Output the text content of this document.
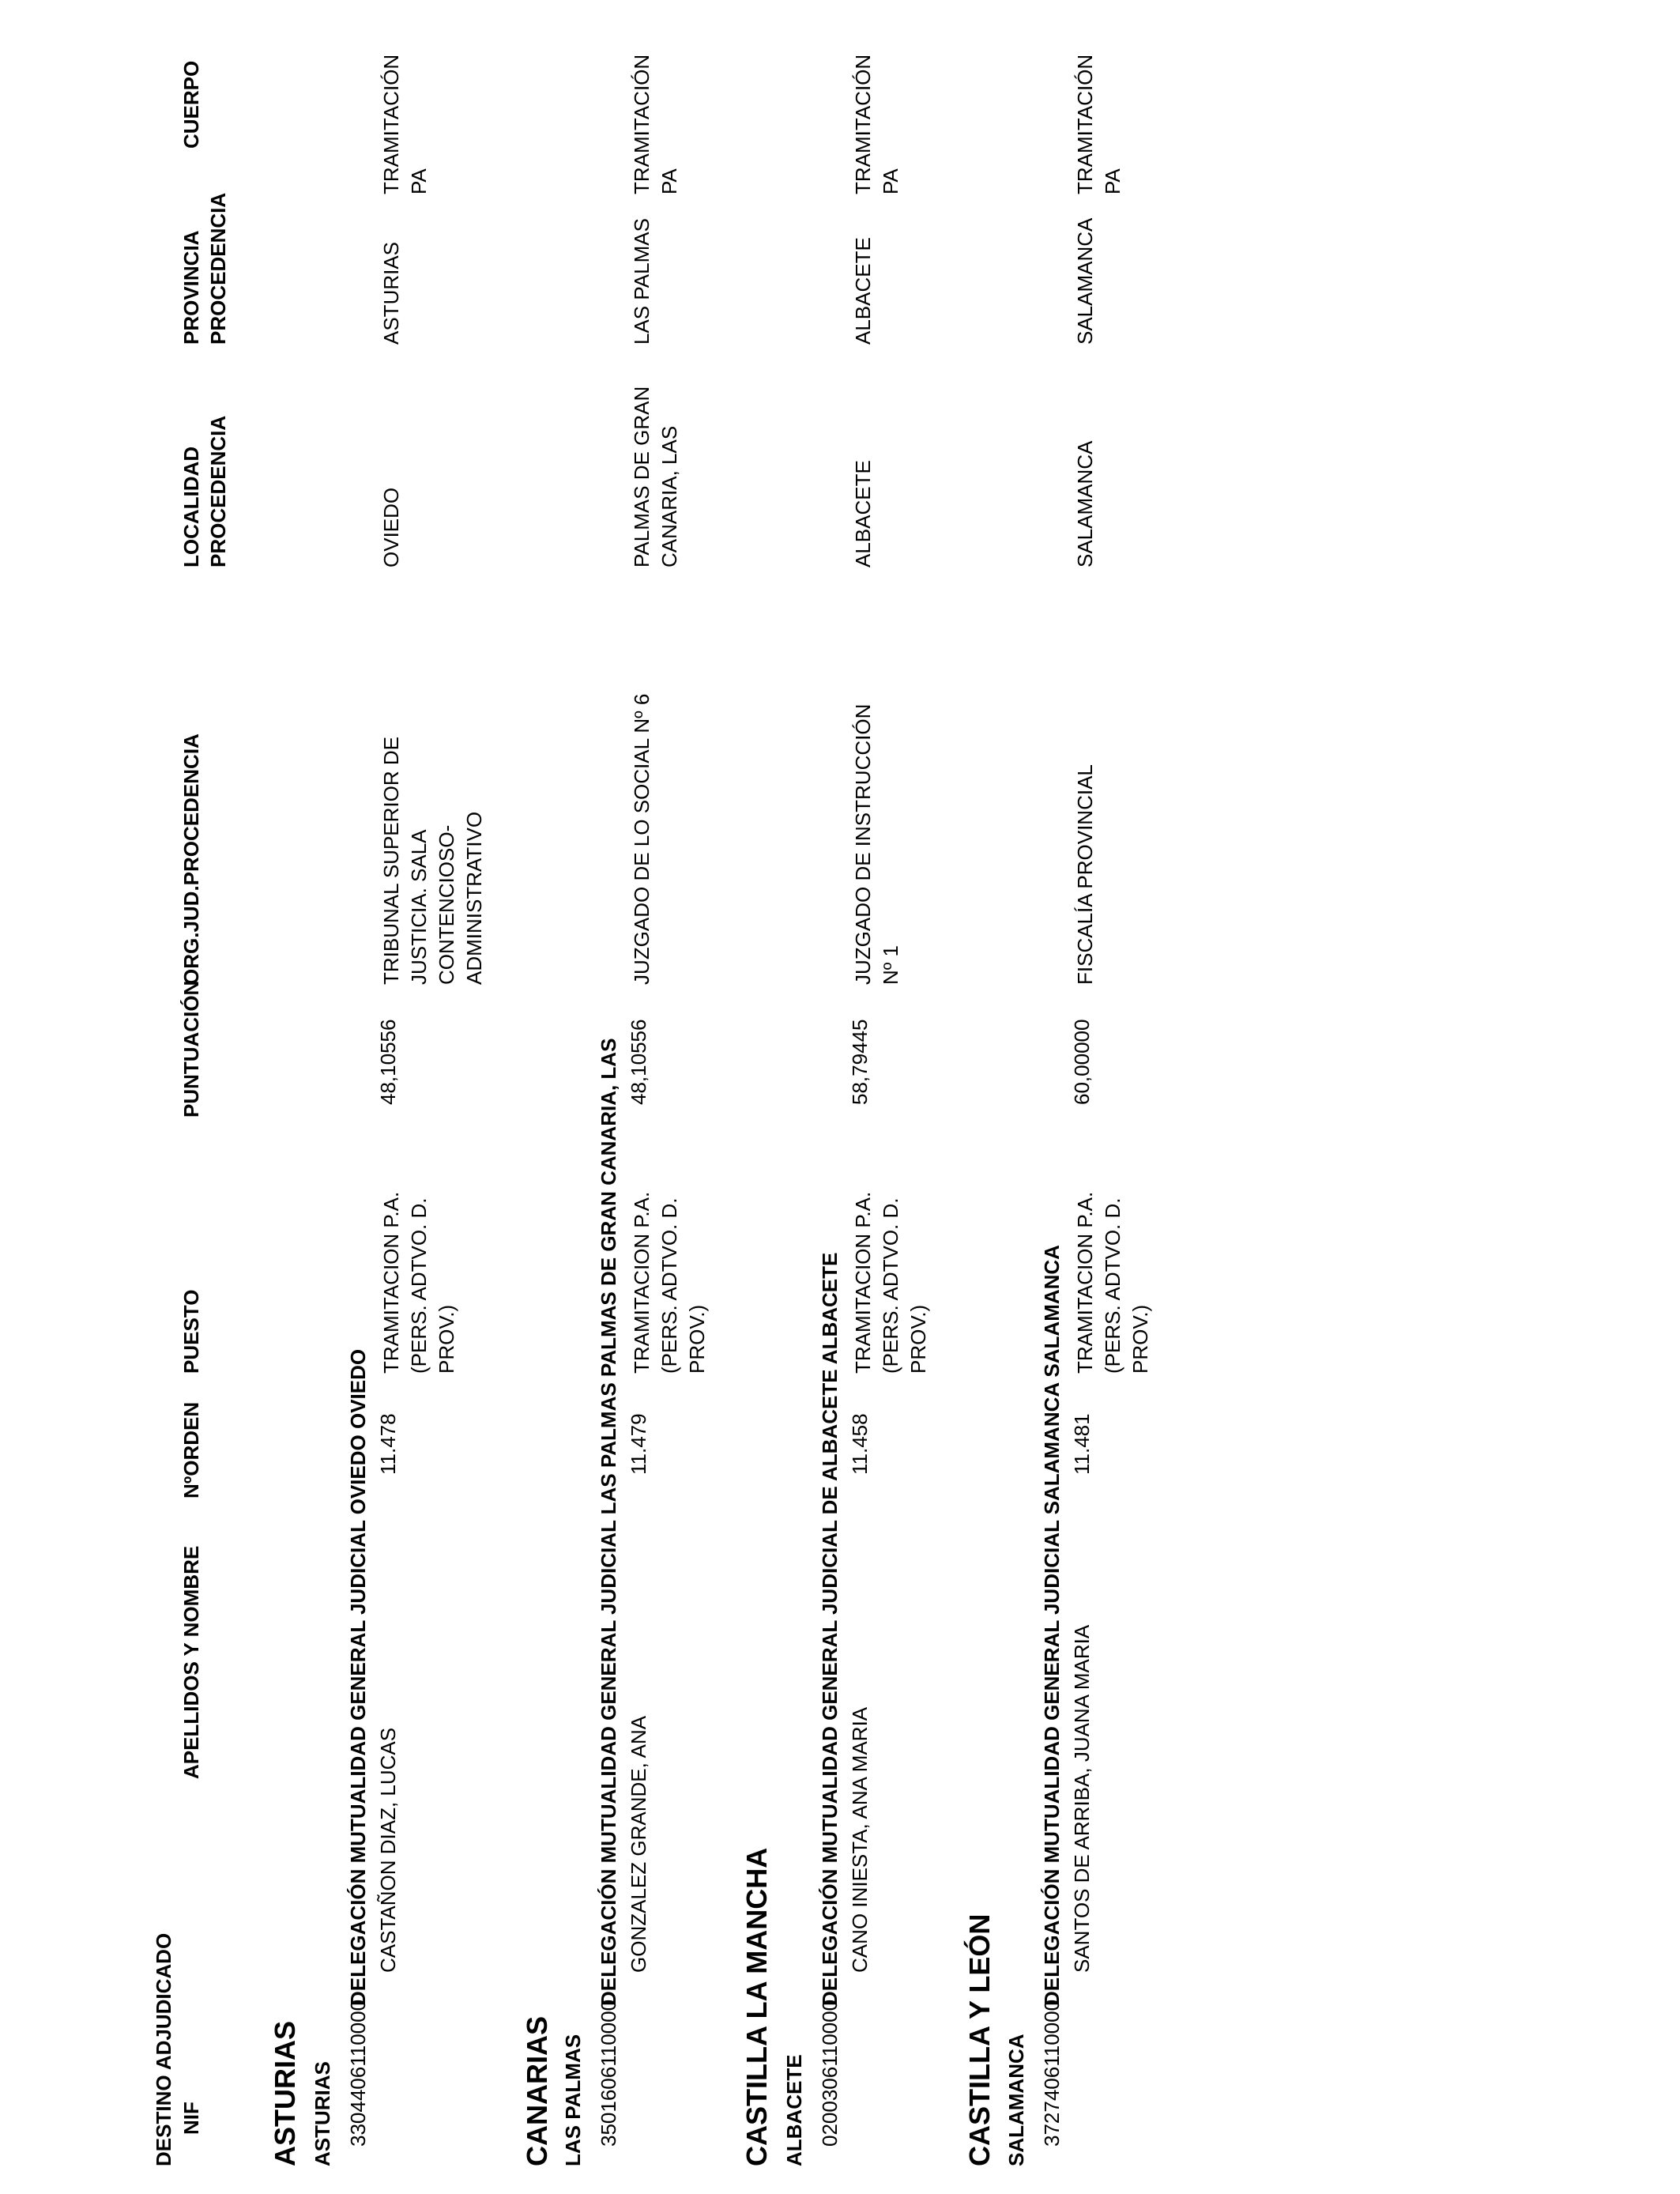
DESTINO ADJUDICADO NIF
APELLIDOS Y NOMBRE
NºORDEN
PUESTO
PUNTUACIÓN
ORG.JUD.PROCEDENCIA
LOCALIDAD PROCEDENCIA
PROVINCIA PROCEDENCIA
CUERPO
ASTURIAS ASTURIAS 3304406110000
DELEGACIÓN MUTUALIDAD GENERAL JUDICIAL OVIEDO OVIEDO CASTAÑON DIAZ, LUCAS
11.478
TRAMITACION P.A. (PERS. ADTVO. D. PROV.)
48,10556
TRIBUNAL SUPERIOR DE JUSTICIA. SALA CONTENCIOSO-ADMINISTRATIVO
OVIEDO
ASTURIAS
TRAMITACIÓN PA
CANARIAS LAS PALMAS 3501606110000
DELEGACIÓN MUTUALIDAD GENERAL JUDICIAL LAS PALMAS PALMAS DE GRAN CANARIA, LAS GONZALEZ GRANDE, ANA
11.479
TRAMITACION P.A. (PERS. ADTVO. D. PROV.)
48,10556
JUZGADO DE LO SOCIAL Nº 6
PALMAS DE GRAN CANARIA, LAS
LAS PALMAS
TRAMITACIÓN PA
CASTILLA LA MANCHA ALBACETE 0200306110000
DELEGACIÓN MUTUALIDAD GENERAL JUDICIAL DE ALBACETE ALBACETE CANO INIESTA, ANA MARIA
11.458
TRAMITACION P.A. (PERS. ADTVO. D. PROV.)
58,79445
JUZGADO DE INSTRUCCIÓN Nº 1
ALBACETE
ALBACETE
TRAMITACIÓN PA
CASTILLA Y LEÓN SALAMANCA 3727406110000
DELEGACIÓN MUTUALIDAD GENERAL JUDICIAL SALAMANCA SALAMANCA SANTOS DE ARRIBA, JUANA MARIA
11.481
TRAMITACION P.A. (PERS. ADTVO. D. PROV.)
60,00000
FISCALÍA PROVINCIAL
SALAMANCA
SALAMANCA
TRAMITACIÓN PA
